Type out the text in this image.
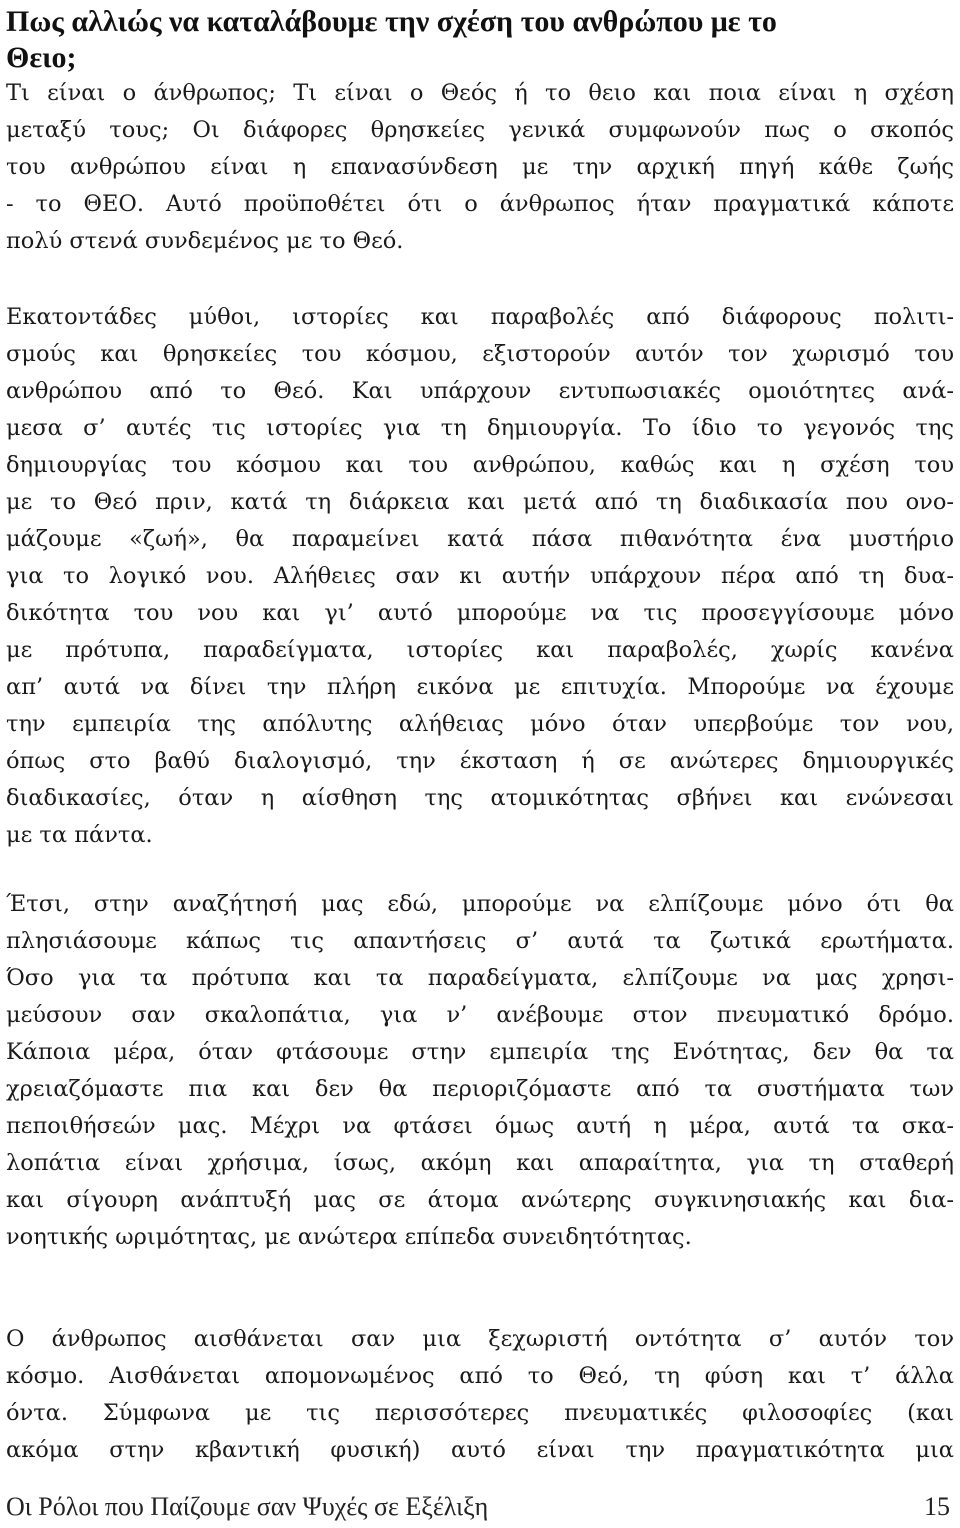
Πως αλλιώς να καταλάβουμε την σχέση του ανθρώπου με το
Θειο;
Τι είναι ο άνθρωπος; Τι είναι ο Θεός ή το θειο και ποια είναι η σχέση
μεταξύ τους; Οι διάφορες θρησκείες γενικά συμφωνούν πως ο σκοπός
του ανθρώπου είναι η επανασύνδεση με την αρχική πηγή κάθε ζωής
- το ΘΕΟ. Αυτό προϋποθέτει ότι ο άνθρωπος ήταν πραγματικά κάποτε
πολύ στενά συνδεμένος με το Θεό.
Εκατοντάδες μύθοι, ιστορίες και παραβολές από διάφορους πολιτι-
σμούς και θρησκείες του κόσμου, εξιστορούν αυτόν τον χωρισμό του
ανθρώπου από το Θεό. Και υπάρχουν εντυπωσιακές ομοιότητες ανά-
μεσα σ’ αυτές τις ιστορίες για τη δημιουργία. Το ίδιο το γεγονός της
δημιουργίας του κόσμου και του ανθρώπου, καθώς και η σχέση του
με το Θεό πριν, κατά τη διάρκεια και μετά από τη διαδικασία που ονο-
μάζουμε «ζωή», θα παραμείνει κατά πάσα πιθανότητα ένα μυστήριο
για το λογικό νου. Αλήθειες σαν κι αυτήν υπάρχουν πέρα από τη δυα-
δικότητα του νου και γι’ αυτό μπορούμε να τις προσεγγίσουμε μόνο
με πρότυπα, παραδείγματα, ιστορίες και παραβολές, χωρίς κανένα
απ’ αυτά να δίνει την πλήρη εικόνα με επιτυχία. Μπορούμε να έχουμε
την εμπειρία της απόλυτης αλήθειας μόνο όταν υπερβούμε τον νου,
όπως στο βαθύ διαλογισμό, την έκσταση ή σε ανώτερες δημιουργικές
διαδικασίες, όταν η αίσθηση της ατομικότητας σβήνει και ενώνεσαι
με τα πάντα.
Έτσι, στην αναζήτησή μας εδώ, μπορούμε να ελπίζουμε μόνο ότι θα
πλησιάσουμε κάπως τις απαντήσεις σ’ αυτά τα ζωτικά ερωτήματα.
Όσο για τα πρότυπα και τα παραδείγματα, ελπίζουμε να μας χρησι-
μεύσουν σαν σκαλοπάτια, για ν’ ανέβουμε στον πνευματικό δρόμο.
Κάποια μέρα, όταν φτάσουμε στην εμπειρία της Ενότητας, δεν θα τα
χρειαζόμαστε πια και δεν θα περιοριζόμαστε από τα συστήματα των
πεποιθήσεών μας. Μέχρι να φτάσει όμως αυτή η μέρα, αυτά τα σκα-
λοπάτια είναι χρήσιμα, ίσως, ακόμη και απαραίτητα, για τη σταθερή
και σίγουρη ανάπτυξή μας σε άτομα ανώτερης συγκινησιακής και δια-
νοητικής ωριμότητας, με ανώτερα επίπεδα συνειδητότητας.
Ο άνθρωπος αισθάνεται σαν μια ξεχωριστή οντότητα σ’ αυτόν τον
κόσμο. Αισθάνεται απομονωμένος από το Θεό, τη φύση και τ’ άλλα
όντα. Σύμφωνα με τις περισσότερες πνευματικές φιλοσοφίες (και
ακόμα στην κβαντική φυσική) αυτό είναι την πραγματικότητα μια
Οι Ρόλοι που Παίζουμε σαν Ψυχές σε Εξέλιξη	15
